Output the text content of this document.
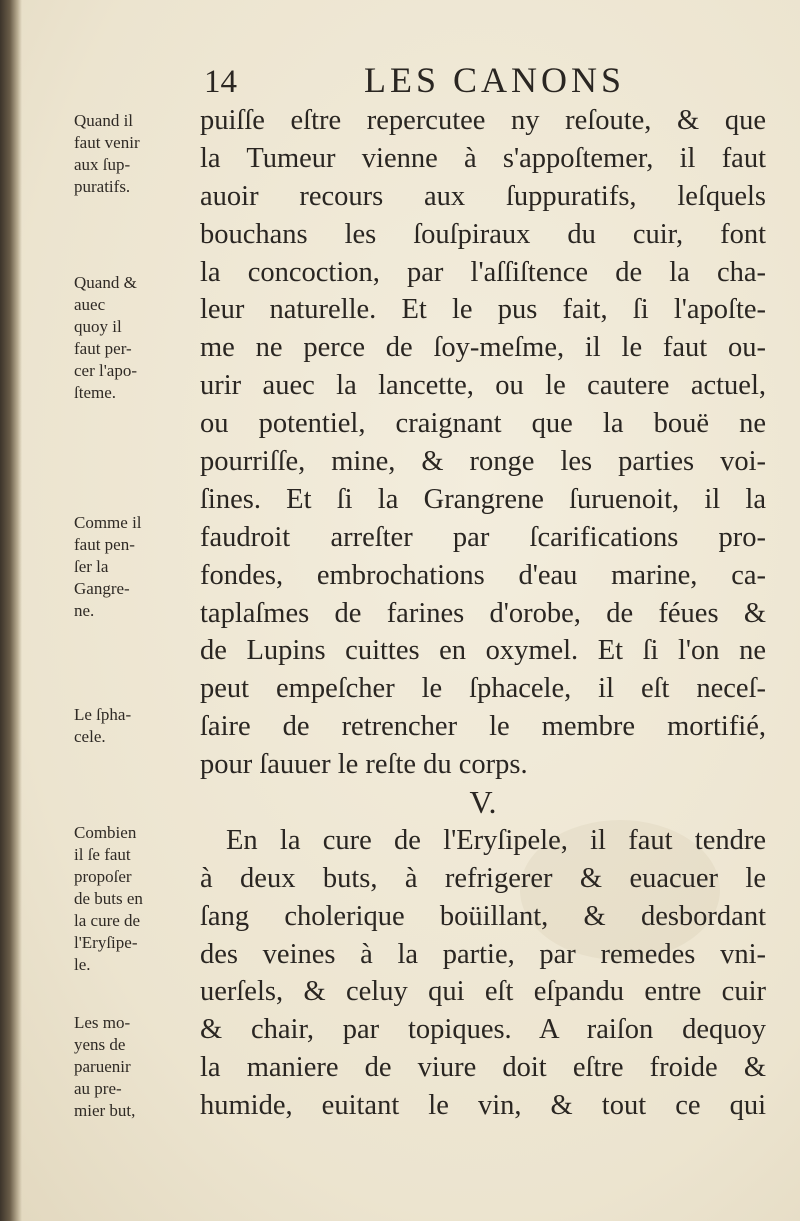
14	LES CANONS
puiſſe eſtre repercutee ny reſoute, & que
la Tumeur vienne à s'appoſtemer, il faut
auoir recours aux ſuppuratifs, leſquels
bouchans les ſouſpiraux du cuir, font
la concoction, par l'aſſiſtence de la cha-
leur naturelle. Et le pus fait, ſi l'apoſte-
me ne perce de ſoy-meſme, il le faut ou-
urir auec la lancette, ou le cautere actuel,
ou potentiel, craignant que la bouë ne
pourriſſe, mine, & ronge les parties voi-
ſines. Et ſi la Grangrene ſuruenoit, il la
faudroit arreſter par ſcarifications pro-
fondes, embrochations d'eau marine, ca-
taplaſmes de farines d'orobe, de féues &
de Lupins cuittes en oxymel. Et ſi l'on ne
peut empeſcher le ſphacele, il eſt neceſ-
ſaire de retrencher le membre mortifié,
pour ſauuer le reſte du corps.
V.
En la cure de l'Eryſipele, il faut tendre
à deux buts, à refrigerer & euacuer le
ſang cholerique boüillant, & desbordant
des veines à la partie, par remedes vni-
uerſels, & celuy qui eſt eſpandu entre cuir
& chair, par topiques. A raiſon dequoy
la maniere de viure doit eſtre froide &
humide, euitant le vin, & tout ce qui
Quand il
faut venir
aux ſup-
puratifs.
Quand &
auec
quoy il
faut per-
cer l'apo-
ſteme.
Comme il
faut pen-
ſer la
Gangre-
ne.
Le ſpha-
cele.
Combien
il ſe faut
propoſer
de buts en
la cure de
l'Eryſipe-
le.
Les mo-
yens de
paruenir
au pre-
mier but,
